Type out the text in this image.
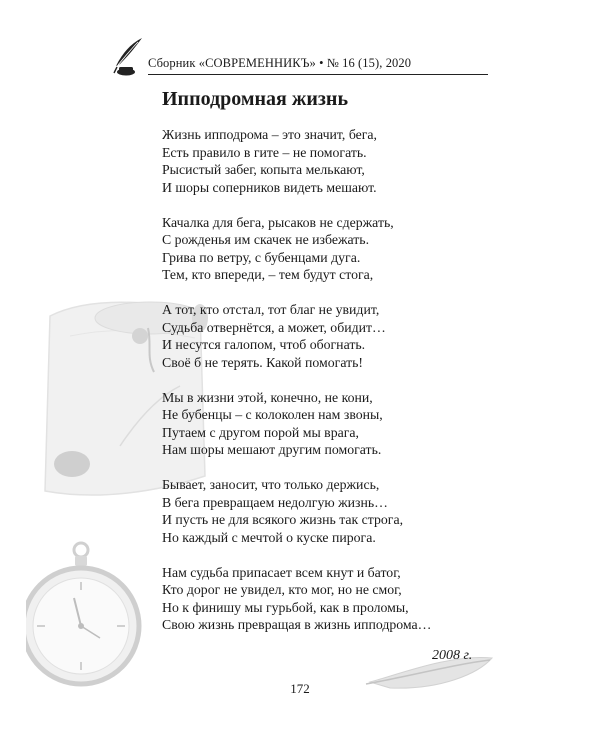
Сборник «СОВРЕМЕННИКЪ» • № 16 (15), 2020
Ипподромная жизнь
Жизнь ипподрома – это значит, бега,
Есть правило в гите – не помогать.
Рысистый забег, копыта мелькают,
И шоры соперников видеть мешают.
Качалка для бега, рысаков не сдержать,
С рожденья им скачек не избежать.
Грива по ветру, с бубенцами дуга.
Тем, кто впереди, – тем будут стога,
А тот, кто отстал, тот благ не увидит,
Судьба отвернётся, а может, обидит…
И несутся галопом, чтоб обогнать.
Своё б не терять. Какой помогать!
Мы в жизни этой, конечно, не кони,
Не бубенцы – с колоколен нам звоны,
Путаем с другом порой мы врага,
Нам шоры мешают другим помогать.
Бывает, заносит, что только держись,
В бега превращаем недолгую жизнь…
И пусть не для всякого жизнь так строга,
Но каждый с мечтой о куске пирога.
Нам судьба припасает всем кнут и батог,
Кто дорог не увидел, кто мог, но не смог,
Но к финишу мы гурьбой, как в проломы,
Свою жизнь превращая в жизнь ипподрома…
2008 г.
172
